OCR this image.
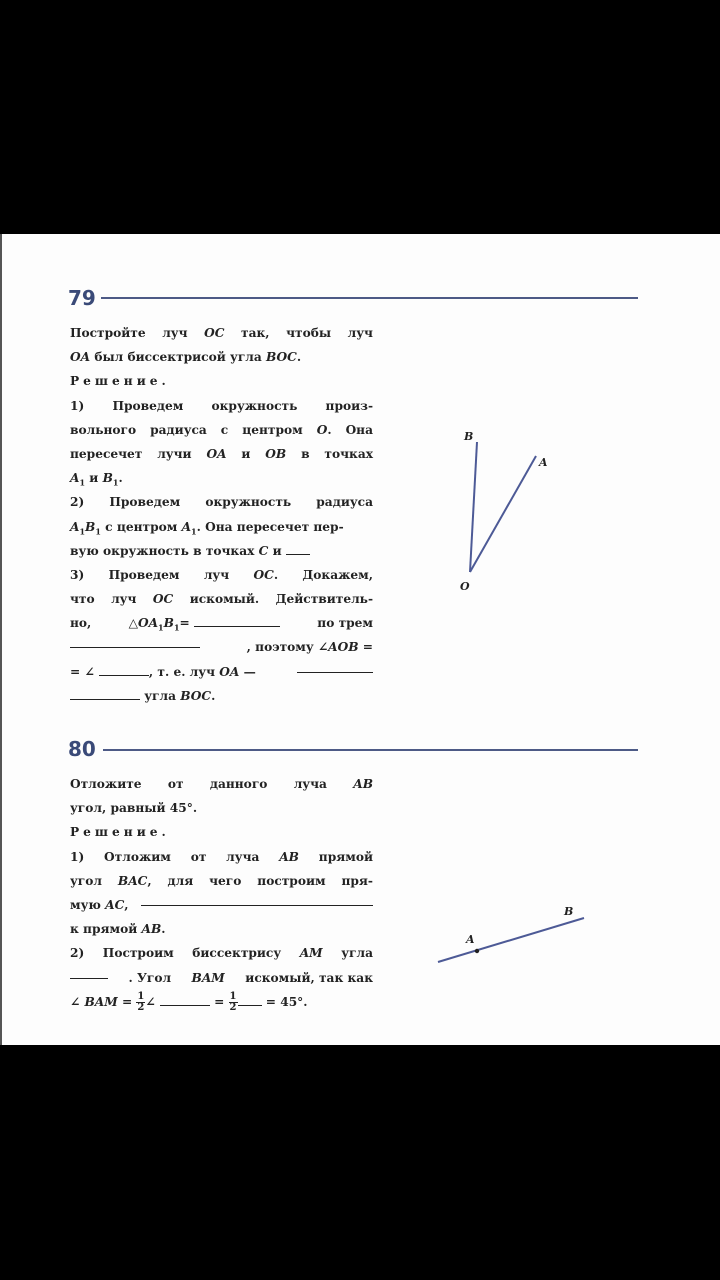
79
Постройте луч OC так, чтобы луч
OA был биссектрисой угла BOC.
Решение.
1) Проведем окружность произ-
вольного радиуса с центром O. Она
пересечет лучи OA и OB в точках
$A_1$ и $B_1$.
2) Проведем окружность радиуса
$A_1B_1$ с центром $A_1$. Она пересечет пер-
вую окружность в точках C и
3) Проведем луч OC. Докажем,
что луч OC искомый. Действитель-
но,	$\triangle OA_1B_1=$	по трем
, поэтому ∠AOB =
= ∠	, т. е. луч OA —
угла BOC.
B
A
O
80
Отложите от данного луча AB
угол, равный 45°.
Решение.
1) Отложим от луча AB прямой
угол BAC, для чего построим пря-
мую AC,
к прямой AB.
2) Построим биссектрису AM угла
. Угол BAM искомый, так как
∠ BAM = $\frac{1}{2}$ ∠	= $\frac{1}{2} = 45^\circ$.
A
B
